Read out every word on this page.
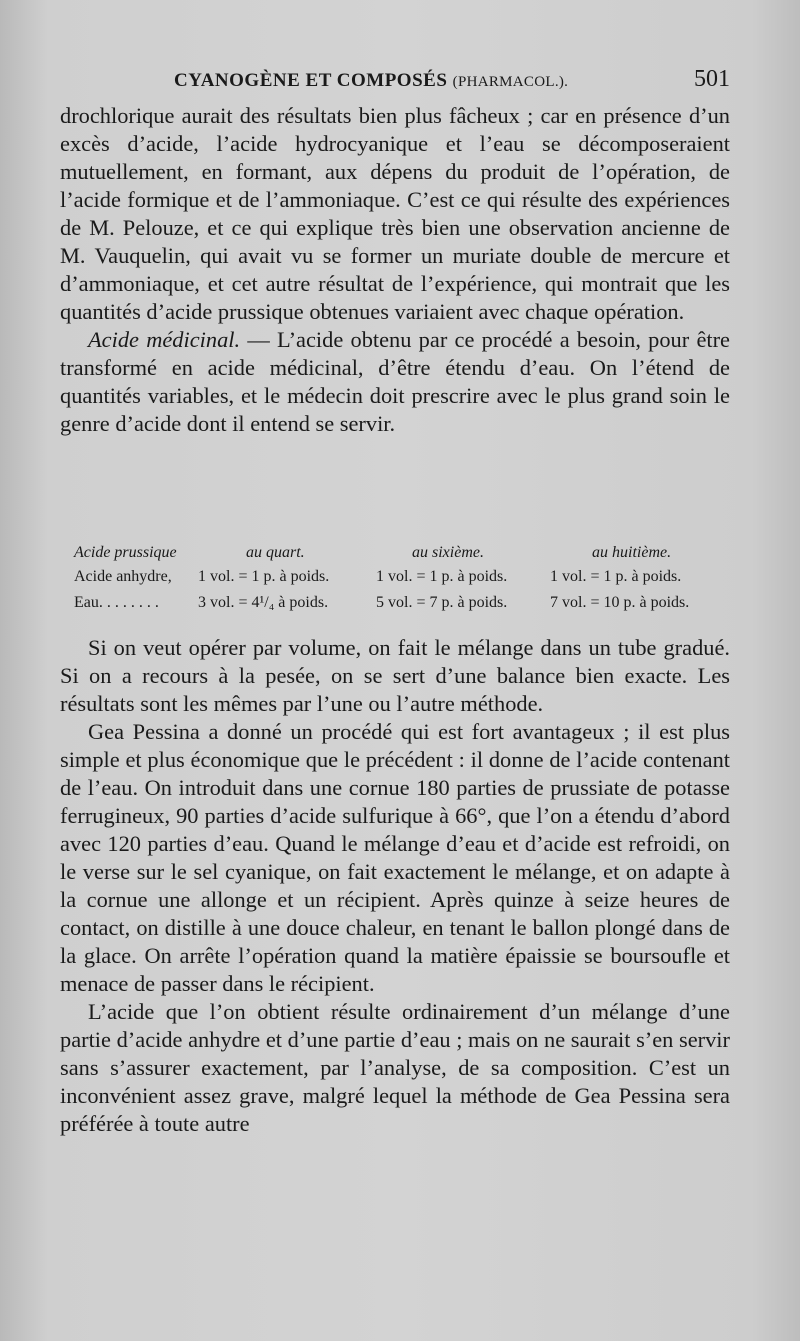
CYANOGÈNE ET COMPOSÉS (PHARMACOL.).	501

drochlorique aurait des résultats bien plus fâcheux ; car en présence d’un excès d’acide, l’acide hydrocyanique et l’eau se décomposeraient mutuellement, en formant, aux dépens du produit de l’opération, de l’acide formique et de l’ammoniaque. C’est ce qui résulte des expériences de M. Pelouze, et ce qui explique très bien une observation ancienne de M. Vauquelin, qui avait vu se former un muriate double de mercure et d’ammoniaque, et cet autre résultat de l’expérience, qui montrait que les quantités d’acide prussique obtenues variaient avec chaque opération.

Acide médicinal. — L’acide obtenu par ce procédé a besoin, pour être transformé en acide médicinal, d’être étendu d’eau. On l’étend de quantités variables, et le médecin doit prescrire avec le plus grand soin le genre d’acide dont il entend se servir.

Acide prussique	au quart.	au sixième.	au huitième.
Acide anhydre, 1 vol. = 1 p. à poids.	1 vol. = 1 p. à poids.	1 vol. = 1 p. à poids.
Eau. . . . . . . . 3 vol. = 4¹/₄ à poids.	5 vol. = 7 p. à poids.	7 vol. = 10 p. à poids.

Si on veut opérer par volume, on fait le mélange dans un tube gradué. Si on a recours à la pesée, on se sert d’une balance bien exacte. Les résultats sont les mêmes par l’une ou l’autre méthode.

Gea Pessina a donné un procédé qui est fort avantageux ; il est plus simple et plus économique que le précédent : il donne de l’acide contenant de l’eau. On introduit dans une cornue 180 parties de prussiate de potasse ferrugineux, 90 parties d’acide sulfurique à 66°, que l’on a étendu d’abord avec 120 parties d’eau. Quand le mélange d’eau et d’acide est refroidi, on le verse sur le sel cyanique, on fait exactement le mélange, et on adapte à la cornue une allonge et un récipient. Après quinze à seize heures de contact, on distille à une douce chaleur, en tenant le ballon plongé dans de la glace. On arrête l’opération quand la matière épaissie se boursoufle et menace de passer dans le récipient.

L’acide que l’on obtient résulte ordinairement d’un mélange d’une partie d’acide anhydre et d’une partie d’eau ; mais on ne saurait s’en servir sans s’assurer exactement, par l’analyse, de sa composition. C’est un inconvénient assez grave, malgré lequel la méthode de Gea Pessina sera préférée à toute autre
